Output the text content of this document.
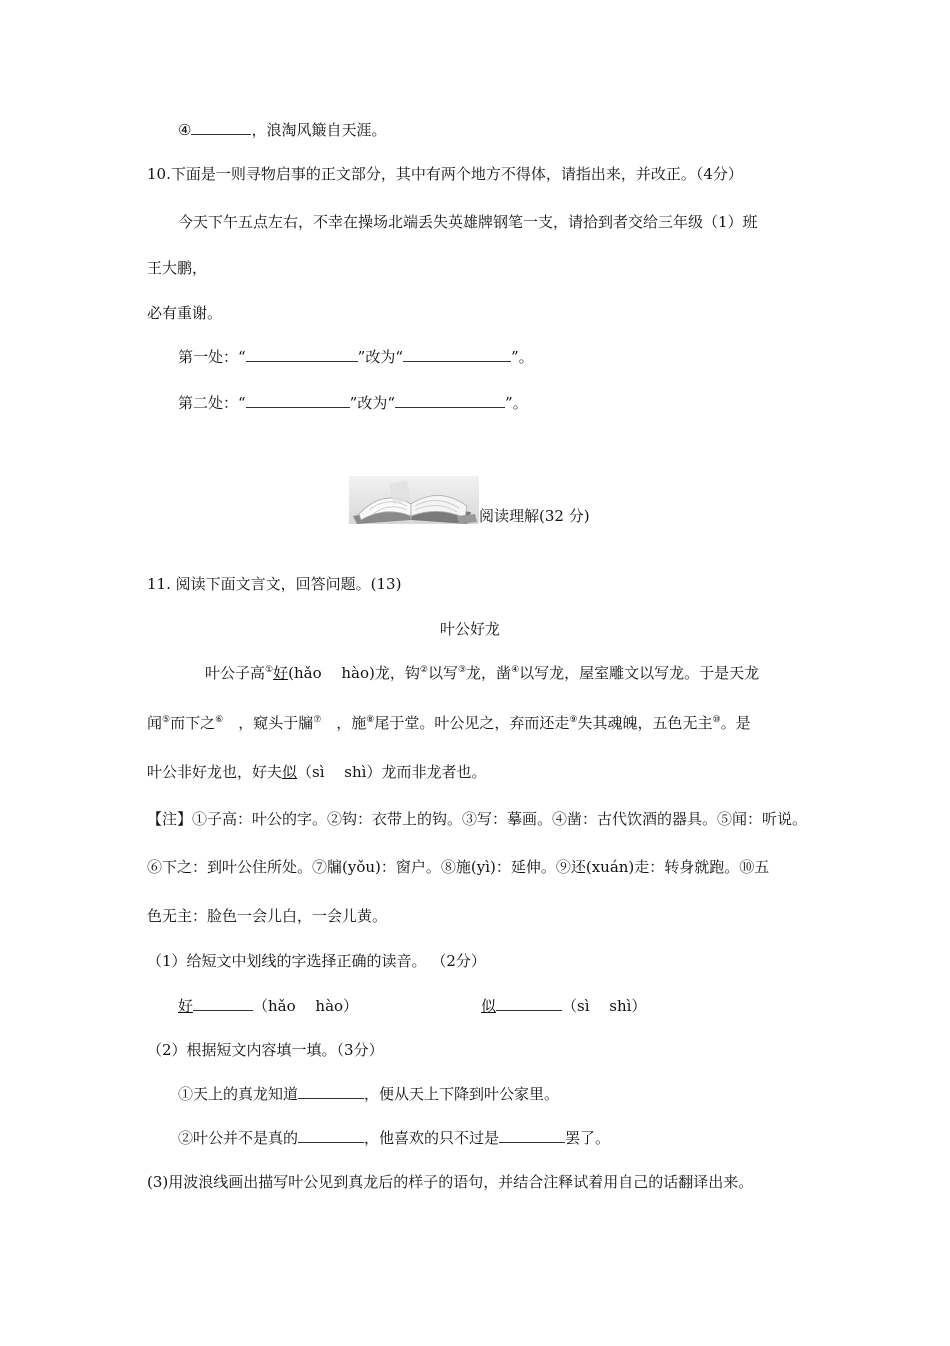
④	，浪淘风簸自天涯。
10.下面是一则寻物启事的正文部分，其中有两个地方不得体，请指出来，并改正。（4分）
今天下午五点左右，不幸在操场北端丢失英雄牌钢笔一支，请拾到者交给三年级（1）班
王大鹏，
必有重谢。
第一处：“	”改为“	”。
第二处：“	”改为“	”。
阅读理解(32 分)
11. 阅读下面文言文，回答问题。(13)
叶公好龙
叶公子高①好(hǎo　 hào)龙，钩②以写③龙，凿④以写龙，屋室雕文以写龙。于是天龙
闻⑤而下之⑥　，窥头于牖⑦　，施⑧尾于堂。叶公见之，弃而还走⑨失其魂魄，五色无主⑩。是
叶公非好龙也，好夫似（sì　 shì）龙而非龙者也。
【注】①子高：叶公的字。②钩：衣带上的钩。③写：摹画。④凿：古代饮酒的器具。⑤闻：听说。
⑥下之：到叶公住所处。⑦牖(yǒu)：窗户。⑧施(yì)：延伸。⑨还(xuán)走：转身就跑。⑩五
色无主：脸色一会儿白，一会儿黄。
（1）给短文中划线的字选择正确的读音。 （2分）
好	（hǎo　 hào）	似	（sì　 shì）
（2）根据短文内容填一填。（3分）
①天上的真龙知道	，便从天上下降到叶公家里。
②叶公并不是真的	，他喜欢的只不过是	罢了。
(3)用波浪线画出描写叶公见到真龙后的样子的语句，并结合注释试着用自己的话翻译出来。
